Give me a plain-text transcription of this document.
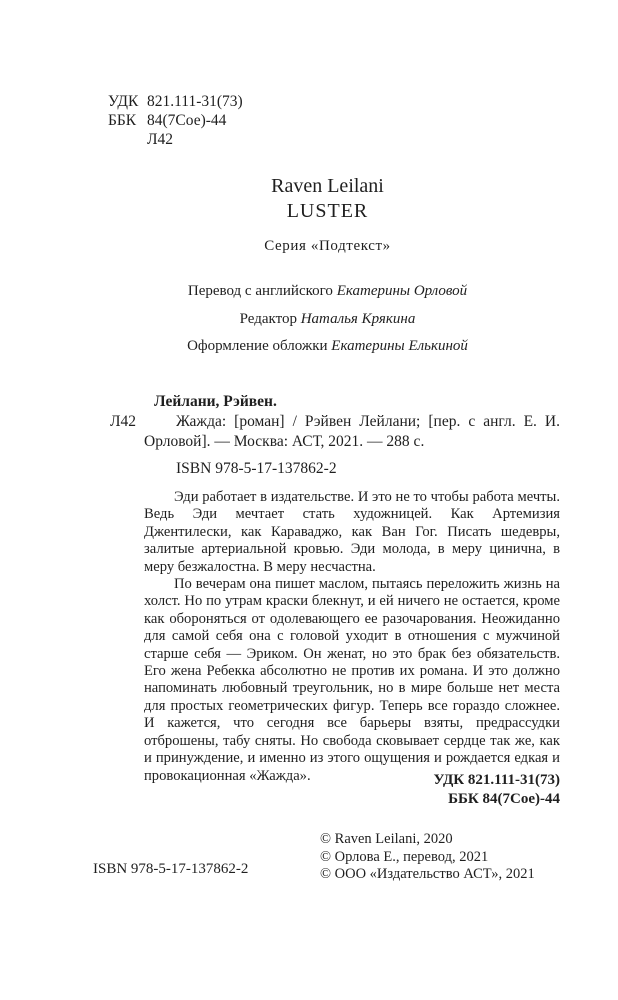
УДК 821.111-31(73)
ББК 84(7Сое)-44
Л42
Raven Leilani
LUSTER
Серия «Подтекст»
Перевод с английского Екатерины Орловой
Редактор Наталья Крякина
Оформление обложки Екатерины Елькиной
Лейлани, Рэйвен.
Л42	Жажда: [роман] / Рэйвен Лейлани; [пер. с англ. Е. И. Орловой]. — Москва: АСТ, 2021. — 288 с.

ISBN 978-5-17-137862-2

Эди работает в издательстве. И это не то чтобы работа мечты. Ведь Эди мечтает стать художницей. Как Артемизия Джентилески, как Караваджо, как Ван Гог. Писать шедевры, залитые артериальной кровью. Эди молода, в меру цинична, в меру безжалостна. В меру несчастна.

По вечерам она пишет маслом, пытаясь переложить жизнь на холст. Но по утрам краски блекнут, и ей ничего не остается, кроме как обороняться от одолевающего ее разочарования. Неожиданно для самой себя она с головой уходит в отношения с мужчиной старше себя — Эриком. Он женат, но это брак без обязательств. Его жена Ребекка абсолютно не против их романа. И это должно напоминать любовный треугольник, но в мире больше нет места для простых геометрических фигур. Теперь все гораздо сложнее. И кажется, что сегодня все барьеры взяты, предрассудки отброшены, табу сняты. Но свобода сковывает сердце так же, как и принуждение, и именно из этого ощущения и рождается едкая и провокационная «Жажда».	УДК 821.111-31(73)
ББК 84(7Сое)-44
ISBN 978-5-17-137862-2
© Raven Leilani, 2020
© Орлова Е., перевод, 2021
© ООО «Издательство АСТ», 2021
